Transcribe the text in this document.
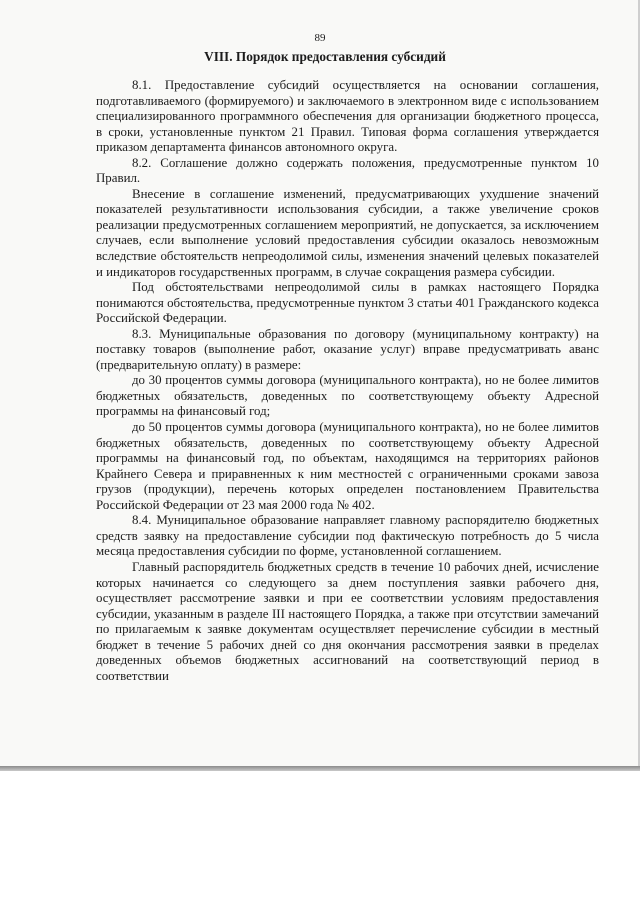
89
VIII. Порядок предоставления субсидий

8.1. Предоставление субсидий осуществляется на основании соглашения, подготавливаемого (формируемого) и заключаемого в электронном виде с использованием специализированного программного обеспечения для организации бюджетного процесса, в сроки, установленные пунктом 21 Правил. Типовая форма соглашения утверждается приказом департамента финансов автономного округа.

8.2. Соглашение должно содержать положения, предусмотренные пунктом 10 Правил.

Внесение в соглашение изменений, предусматривающих ухудшение значений показателей результативности использования субсидии, а также увеличение сроков реализации предусмотренных соглашением мероприятий, не допускается, за исключением случаев, если выполнение условий предоставления субсидии оказалось невозможным вследствие обстоятельств непреодолимой силы, изменения значений целевых показателей и индикаторов государственных программ, в случае сокращения размера субсидии.

Под обстоятельствами непреодолимой силы в рамках настоящего Порядка понимаются обстоятельства, предусмотренные пунктом 3 статьи 401 Гражданского кодекса Российской Федерации.

8.3. Муниципальные образования по договору (муниципальному контракту) на поставку товаров (выполнение работ, оказание услуг) вправе предусматривать аванс (предварительную оплату) в размере:

до 30 процентов суммы договора (муниципального контракта), но не более лимитов бюджетных обязательств, доведенных по соответствующему объекту Адресной программы на финансовый год;

до 50 процентов суммы договора (муниципального контракта), но не более лимитов бюджетных обязательств, доведенных по соответствующему объекту Адресной программы на финансовый год, по объектам, находящимся на территориях районов Крайнего Севера и приравненных к ним местностей с ограниченными сроками завоза грузов (продукции), перечень которых определен постановлением Правительства Российской Федерации от 23 мая 2000 года № 402.

8.4. Муниципальное образование направляет главному распорядителю бюджетных средств заявку на предоставление субсидии под фактическую потребность до 5 числа месяца предоставления субсидии по форме, установленной соглашением.

Главный распорядитель бюджетных средств в течение 10 рабочих дней, исчисление которых начинается со следующего за днем поступления заявки рабочего дня, осуществляет рассмотрение заявки и при ее соответствии условиям предоставления субсидии, указанным в разделе III настоящего Порядка, а также при отсутствии замечаний по прилагаемым к заявке документам осуществляет перечисление субсидии в местный бюджет в течение 5 рабочих дней со дня окончания рассмотрения заявки в пределах доведенных объемов бюджетных ассигнований на соответствующий период в соответствии
